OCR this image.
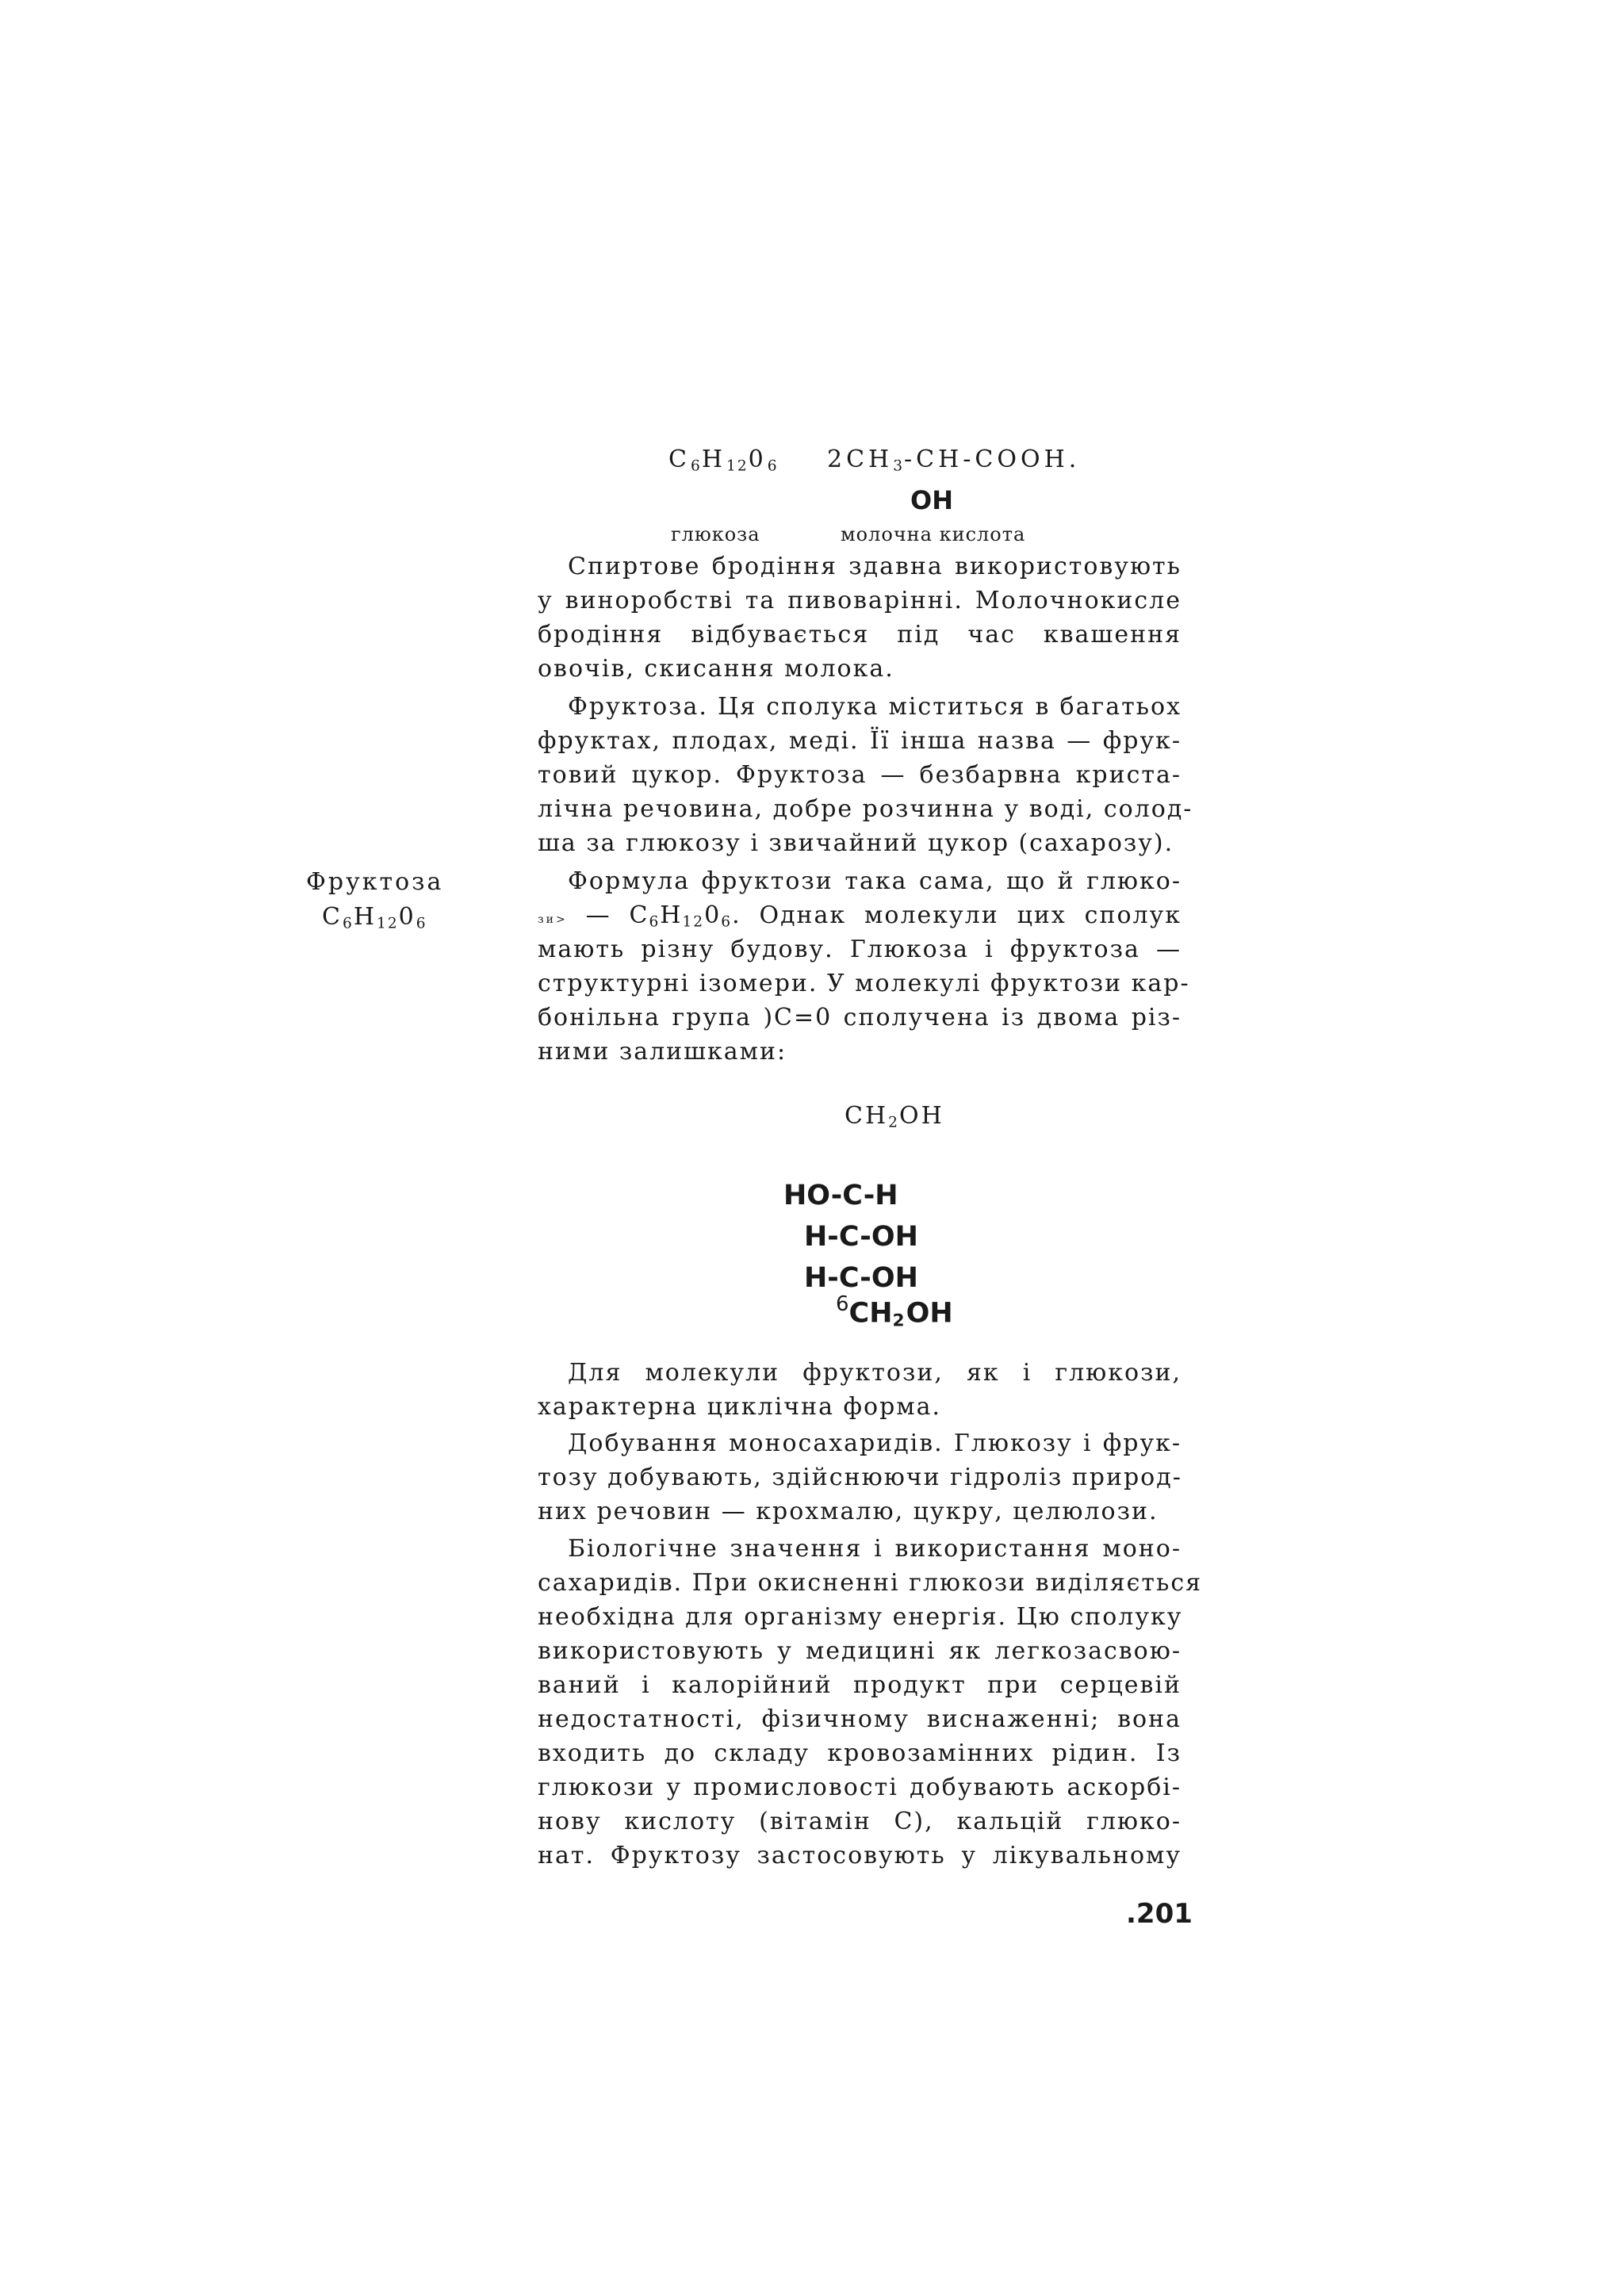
$C_6H_{12}0_6$ $2CH_3-CH$-COOH.
OH
глюкоза	молочна кислота
Спиртове бродіння здавна використовують
у виноробстві та пивоварінні. Молочнокисле
бродіння відбувається під час квашення
овочів, скисання молока.
Фруктоза. Ця сполука міститься в багатьох
фруктах, плодах, меді. Її інша назва — фрук-
товий цукор. Фруктоза — безбарвна криста-
лічна речовина, добре розчинна у воді, солод-
ша за глюкозу і звичайний цукор (сахарозу).
Фруктоза
$C_6H_{12}0_6$
Формула фруктози така сама, що й глюко-
зи> — $C_6H_{12}0_6$. Однак молекули цих сполук
мають різну будову. Глюкоза і фруктоза —
структурні ізомери. У молекулі фруктози кар-
бонільна група )C=0 сполучена із двома різ-
ними залишками:
$CH_2OH$
HO-C-H
H-C-OH
H-C-OH
$^6CH_2OH$
Для молекули фруктози, як і глюкози,
характерна циклічна форма.
Добування моносахаридів. Глюкозу і фрук-
тозу добувають, здійснюючи гідроліз природ-
них речовин — крохмалю, цукру, целюлози.
Біологічне значення і використання моно-
сахаридів. При окисненні глюкози виділяється
необхідна для організму енергія. Цю сполуку
використовують у медицині як легкозасвою-
ваний і калорійний продукт при серцевій
недостатності, фізичному виснаженні; вона
входить до складу кровозамінних рідин. Із
глюкози у промисловості добувають аскорбі-
нову кислоту (вітамін C), кальцій глюко-
нат. Фруктозу застосовують у лікувальному
.201
